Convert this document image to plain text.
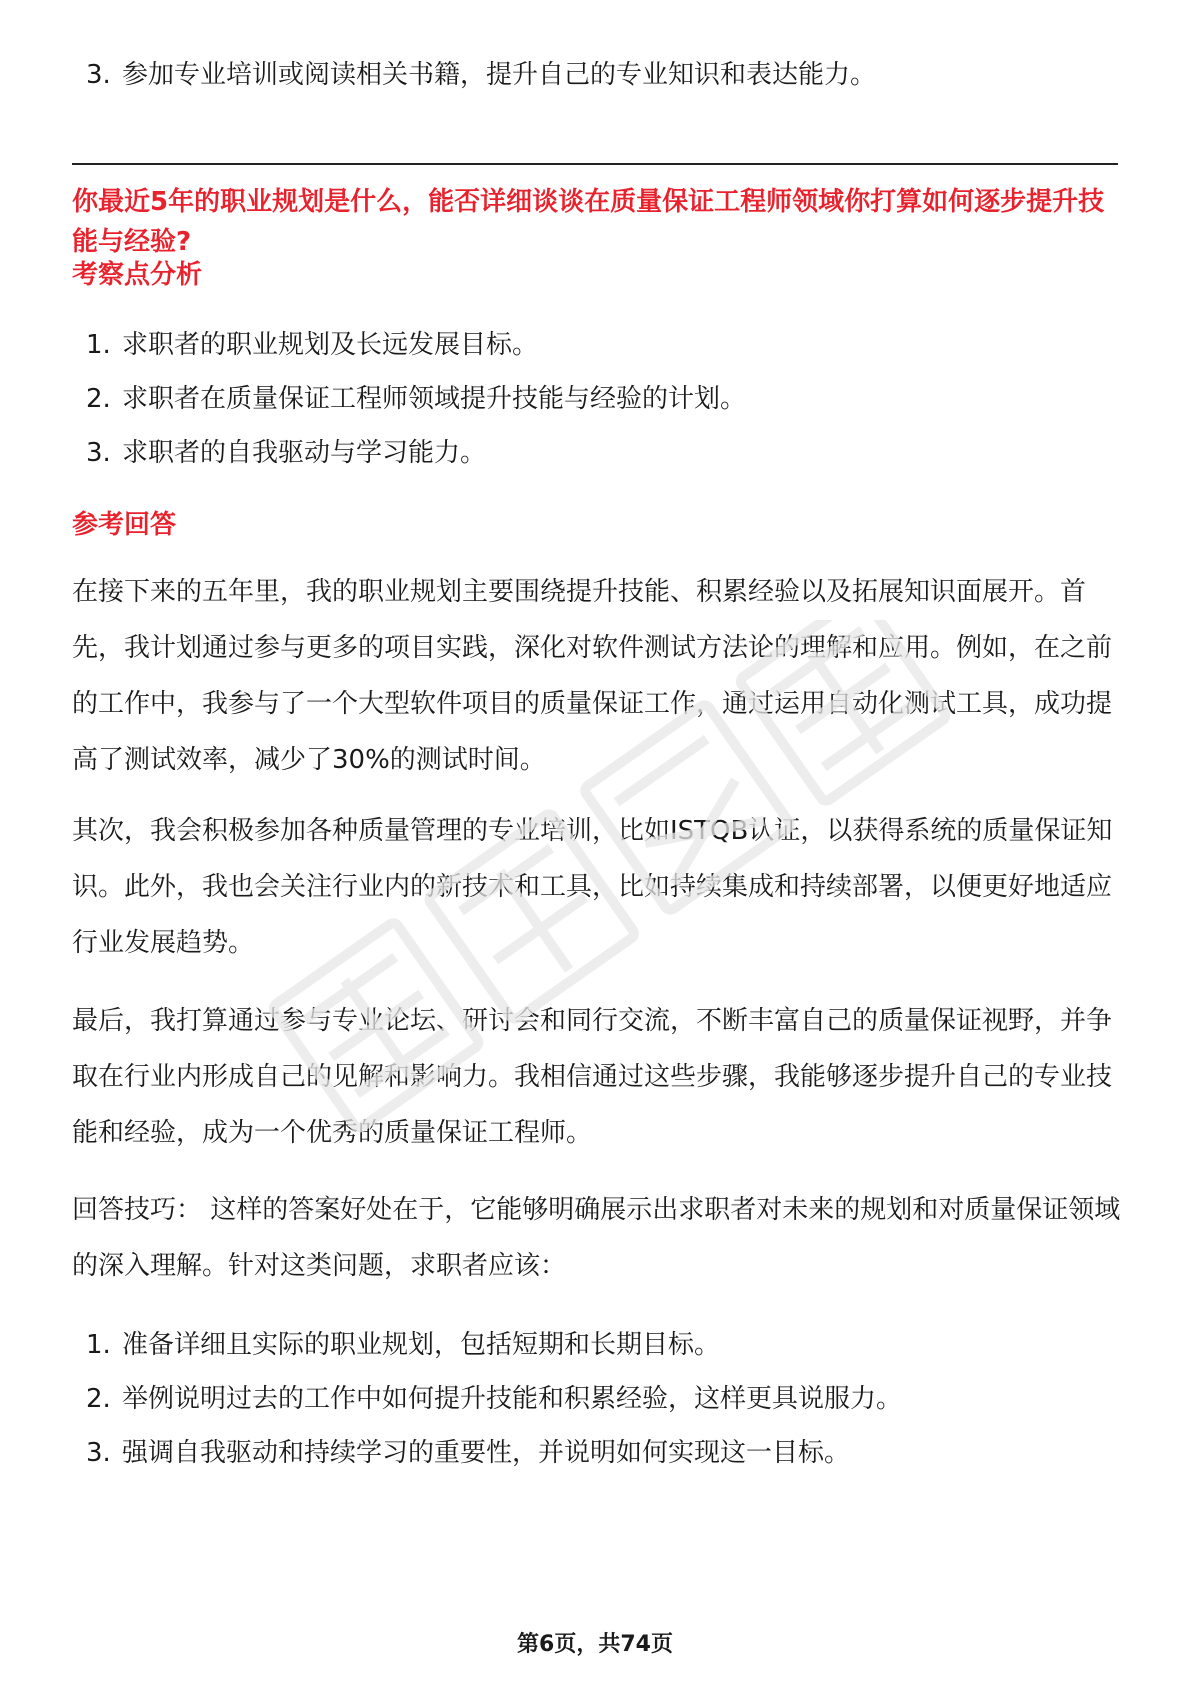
3. 参加专业培训或阅读相关书籍，提升自己的专业知识和表达能力。
你最近5年的职业规划是什么，能否详细谈谈在质量保证工程师领域你打算如何逐步提升技能与经验?
考察点分析
1. 求职者的职业规划及长远发展目标。
2. 求职者在质量保证工程师领域提升技能与经验的计划。
3. 求职者的自我驱动与学习能力。
参考回答
在接下来的五年里，我的职业规划主要围绕提升技能、积累经验以及拓展知识面展开。首先，我计划通过参与更多的项目实践，深化对软件测试方法论的理解和应用。例如，在之前的工作中，我参与了一个大型软件项目的质量保证工作，通过运用自动化测试工具，成功提高了测试效率，减少了30%的测试时间。
其次，我会积极参加各种质量管理的专业培训，比如ISTQB认证，以获得系统的质量保证知识。此外，我也会关注行业内的新技术和工具，比如持续集成和持续部署，以便更好地适应行业发展趋势。
最后，我打算通过参与专业论坛、研讨会和同行交流，不断丰富自己的质量保证视野，并争取在行业内形成自己的见解和影响力。我相信通过这些步骤，我能够逐步提升自己的专业技能和经验，成为一个优秀的质量保证工程师。
回答技巧： 这样的答案好处在于，它能够明确展示出求职者对未来的规划和对质量保证领域的深入理解。针对这类问题，求职者应该：
1. 准备详细且实际的职业规划，包括短期和长期目标。
2. 举例说明过去的工作中如何提升技能和积累经验，这样更具说服力。
3. 强调自我驱动和持续学习的重要性，并说明如何实现这一目标。
第6页，共74页
